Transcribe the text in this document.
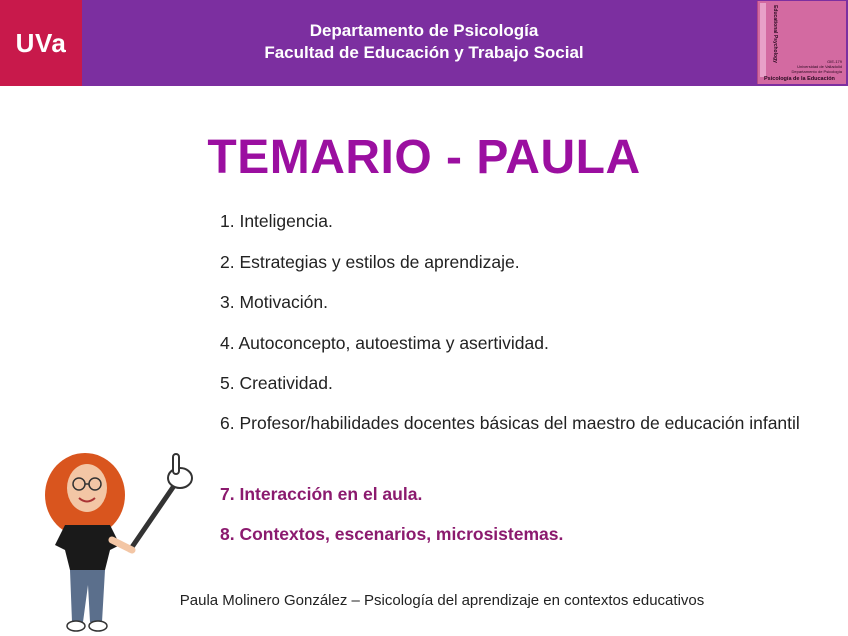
UVa	Departamento de Psicología
Facultad de Educación y Trabajo Social	Educational Psychology	GIE-179
Universidad de Valladolid
Departamento de Psicología
Psicología de la Educación
TEMARIO - PAULA
1. Inteligencia.
2. Estrategias y estilos de aprendizaje.
3. Motivación.
4. Autoconcepto, autoestima y asertividad.
5. Creatividad.
6. Profesor/habilidades docentes básicas del maestro de educación infantil
7. Interacción en el aula.
8. Contextos, escenarios, microsistemas.
Paula Molinero González – Psicología del aprendizaje en contextos educativos
